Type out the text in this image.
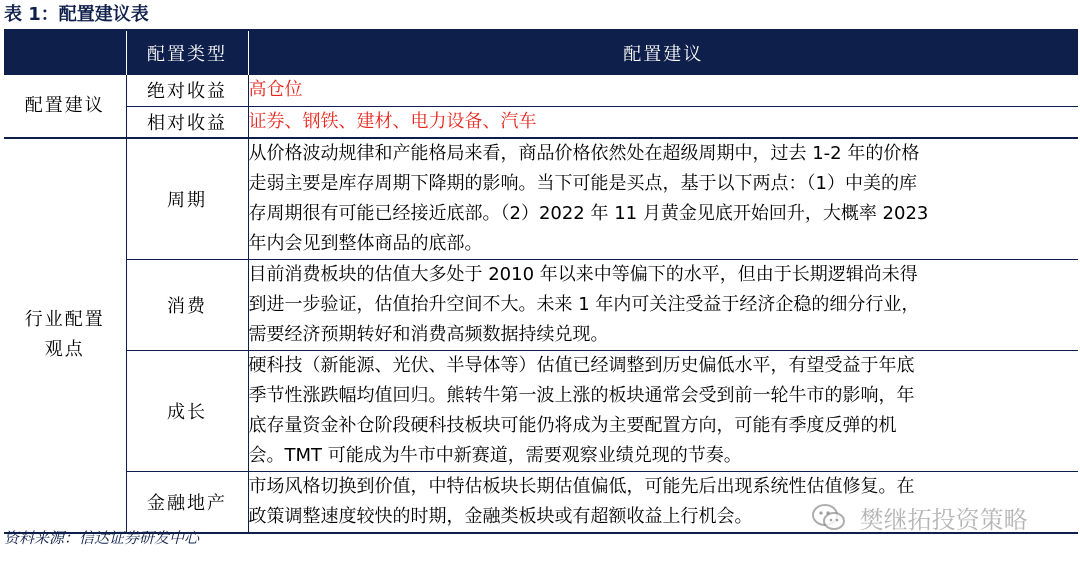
表 1：配置建议表
	配置类型	配置建议
配置建议	绝对收益	高仓位
	相对收益	证券、钢铁、建材、电力设备、汽车
行业配置观点	周期	从价格波动规律和产能格局来看，商品价格依然处在超级周期中，过去 1-2 年的价格
走弱主要是库存周期下降期的影响。当下可能是买点，基于以下两点：（1）中美的库
存周期很有可能已经接近底部。（2）2022 年 11 月黄金见底开始回升，大概率 2023
年内会见到整体商品的底部。

	消费	目前消费板块的估值大多处于 2010 年以来中等偏下的水平，但由于长期逻辑尚未得
到进一步验证，估值抬升空间不大。未来 1 年内可关注受益于经济企稳的细分行业，
需要经济预期转好和消费高频数据持续兑现。

	成长	硬科技（新能源、光伏、半导体等）估值已经调整到历史偏低水平，有望受益于年底
季节性涨跌幅均值回归。熊转牛第一波上涨的板块通常会受到前一轮牛市的影响，年
底存量资金补仓阶段硬科技板块可能仍将成为主要配置方向，可能有季度反弹的机
会。TMT 可能成为牛市中新赛道，需要观察业绩兑现的节奏。

	金融地产	市场风格切换到价值，中特估板块长期估值偏低，可能先后出现系统性估值修复。在
政策调整速度较快的时期，金融类板块或有超额收益上行机会。
资料来源：信达证券研发中心
樊继拓投资策略
